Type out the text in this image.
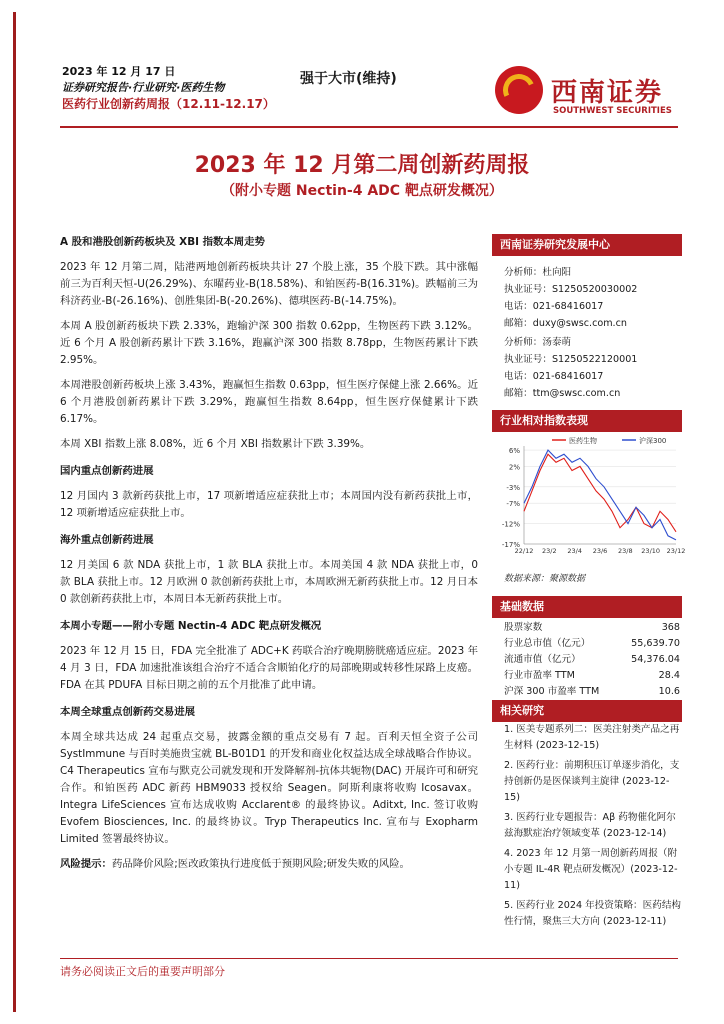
2023 年 12 月 17 日
证券研究报告·行业研究·医药生物
医药行业创新药周报（12.11-12.17）
强于大市(维持)	西南证券
SOUTHWEST SECURITIES
2023 年 12 月第二周创新药周报
（附小专题 Nectin-4 ADC 靶点研发概况）
A 股和港股创新药板块及 XBI 指数本周走势

2023 年 12 月第二周，陆港两地创新药板块共计 27 个股上涨，35 个股下跌。其中涨幅前三为百利天恒-U(26.29%)、东曜药业-B(18.58%)、和铂医药-B(16.31%)。跌幅前三为科济药业-B(-26.16%)、创胜集团-B(-20.26%)、德琪医药-B(-14.75%)。

本周 A 股创新药板块下跌 2.33%，跑输沪深 300 指数 0.62pp，生物医药下跌 3.12%。近 6 个月 A 股创新药累计下跌 3.16%，跑赢沪深 300 指数 8.78pp，生物医药累计下跌 2.95%。

本周港股创新药板块上涨 3.43%，跑赢恒生指数 0.63pp，恒生医疗保健上涨 2.66%。近 6 个月港股创新药累计下跌 3.29%，跑赢恒生指数 8.64pp，恒生医疗保健累计下跌 6.17%。

本周 XBI 指数上涨 8.08%，近 6 个月 XBI 指数累计下跌 3.39%。

国内重点创新药进展

12 月国内 3 款新药获批上市，17 项新增适应症获批上市；本周国内没有新药获批上市，12 项新增适应症获批上市。

海外重点创新药进展

12 月美国 6 款 NDA 获批上市，1 款 BLA 获批上市。本周美国 4 款 NDA 获批上市，0 款 BLA 获批上市。12 月欧洲 0 款创新药获批上市，本周欧洲无新药获批上市。12 月日本 0 款创新药获批上市，本周日本无新药获批上市。

本周小专题——附小专题 Nectin-4 ADC 靶点研发概况

2023 年 12 月 15 日，FDA 完全批准了 ADC+K 药联合治疗晚期膀胱癌适应症。2023 年 4 月 3 日，FDA 加速批准该组合治疗不适合含顺铂化疗的局部晚期或转移性尿路上皮癌。FDA 在其 PDUFA 目标日期之前的五个月批准了此申请。

本周全球重点创新药交易进展

本周全球共达成 24 起重点交易，披露金额的重点交易有 7 起。百利天恒全资子公司 SystImmune 与百时美施贵宝就 BL-B01D1 的开发和商业化权益达成全球战略合作协议。C4 Therapeutics 宣布与默克公司就发现和开发降解剂-抗体共轭物(DAC) 开展许可和研究合作。和铂医药 ADC 新药 HBM9033 授权给 Seagen。阿斯利康将收购 Icosavax。Integra LifeSciences 宣布达成收购 Acclarent® 的最终协议。Aditxt, Inc. 签订收购 Evofem Biosciences, Inc. 的最终协议。Tryp Therapeutics Inc. 宣布与 Exopharm Limited 签署最终协议。

风险提示：药品降价风险;医改政策执行进度低于预期风险;研发失败的风险。

西南证券研究发展中心
分析师：杜向阳
执业证号：S1250520030002
电话：021-68416017
邮箱：duxy@swsc.com.cn
分析师：汤泰萌
执业证号：S1250522120001
电话：021-68416017
邮箱：ttm@swsc.com.cn
行业相对指数表现
6%
2%
-3%
-7%
-12%
-17%
22/12 23/2 23/4 23/6 23/8 23/10 23/12
医药生物	沪深300
数据来源：聚源数据
基础数据
股票家数	368
行业总市值（亿元）	55,639.70
流通市值（亿元）	54,376.04
行业市盈率 TTM	28.4
沪深 300 市盈率 TTM	10.6
相关研究
1. 医美专题系列二：医美注射类产品之再生材料 (2023-12-15)
2. 医药行业：前期积压订单逐步消化，支持创新仍是医保谈判主旋律 (2023-12-15)
3. 医药行业专题报告：Aβ 药物催化阿尔兹海默症治疗领域变革 (2023-12-14)
4. 2023 年 12 月第一周创新药周报（附小专题 IL-4R 靶点研发概况）(2023-12-11)
5. 医药行业 2024 年投资策略：医药结构性行情，聚焦三大方向 (2023-12-11)
请务必阅读正文后的重要声明部分
